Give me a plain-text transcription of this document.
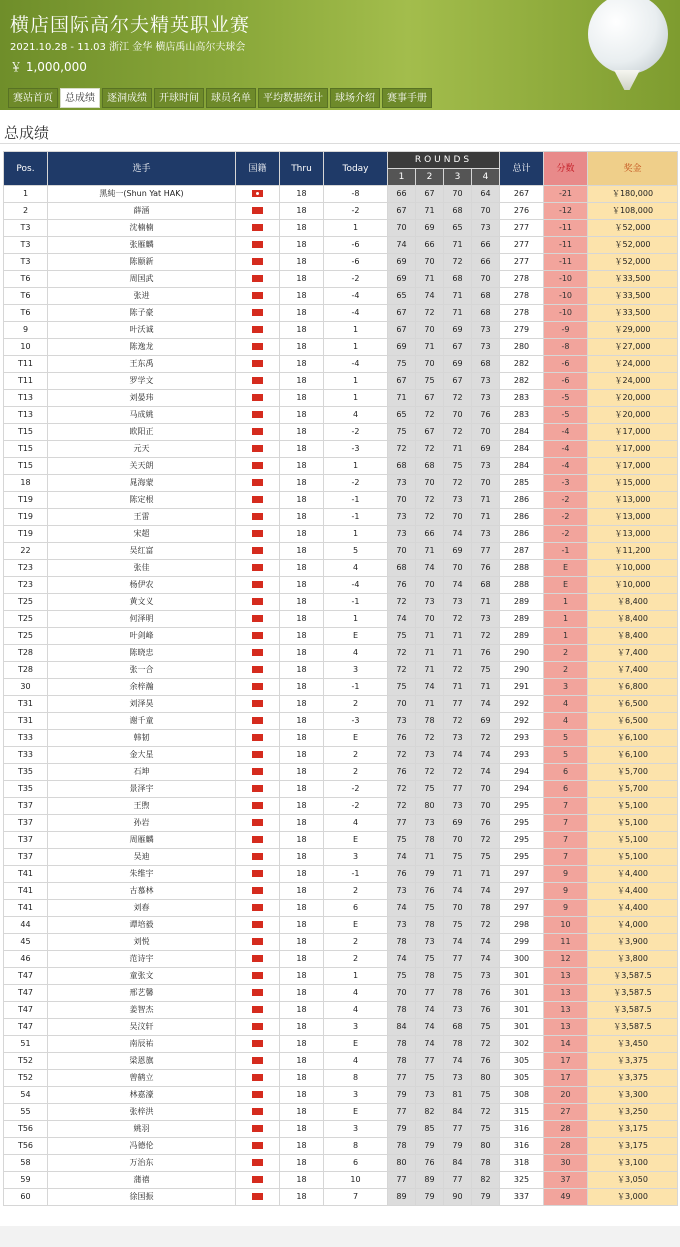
横店国际高尔夫精英职业赛
2021.10.28 - 11.03 浙江 金华 横店禹山高尔夫球会
￥ 1,000,000
赛站首页	总成绩	逐洞成绩	开球时间	球员名单	平均数据统计	球场介绍	赛事手册
总成绩
Pos.	选手	国籍	Thru	Today	ROUNDS				总计	分数	奖金
					1	2	3	4			
1	黑純一(Shun Yat HAK)		18	-8	66	67	70	64	267	-21	￥180,000
2	薛涵		18	-2	67	71	68	70	276	-12	￥108,000
T3	沈楠楠		18	1	70	69	65	73	277	-11	￥52,000
T3	张雁麟		18	-6	74	66	71	66	277	-11	￥52,000
T3	陈颐新		18	-6	69	70	72	66	277	-11	￥52,000
T6	周国武		18	-2	69	71	68	70	278	-10	￥33,500
T6	张进		18	-4	65	74	71	68	278	-10	￥33,500
T6	陈子豪		18	-4	67	72	71	68	278	-10	￥33,500
9	叶沃诚		18	1	67	70	69	73	279	-9	￥29,000
10	陈逸龙		18	1	69	71	67	73	280	-8	￥27,000
T11	王东禹		18	-4	75	70	69	68	282	-6	￥24,000
T11	罗学文		18	1	67	75	67	73	282	-6	￥24,000
T13	刘晏玮		18	1	71	67	72	73	283	-5	￥20,000
T13	马成姚		18	4	65	72	70	76	283	-5	￥20,000
T15	欧阳正		18	-2	75	67	72	70	284	-4	￥17,000
T15	元天		18	-3	72	72	71	69	284	-4	￥17,000
T15	关天朗		18	1	68	68	75	73	284	-4	￥17,000
18	晁海蒙		18	-2	73	70	72	70	285	-3	￥15,000
T19	陈定根		18	-1	70	72	73	71	286	-2	￥13,000
T19	王雷		18	-1	73	72	70	71	286	-2	￥13,000
T19	宋超		18	1	73	66	74	73	286	-2	￥13,000
22	吴红富		18	5	70	71	69	77	287	-1	￥11,200
T23	张佳		18	4	68	74	70	76	288	E	￥10,000
T23	杨伊农		18	-4	76	70	74	68	288	E	￥10,000
T25	黄文义		18	-1	72	73	73	71	289	1	￥8,400
T25	何泽明		18	1	74	70	72	73	289	1	￥8,400
T25	叶剑峰		18	E	75	71	71	72	289	1	￥8,400
T28	陈晓忠		18	4	72	71	71	76	290	2	￥7,400
T28	张一合		18	3	72	71	72	75	290	2	￥7,400
30	余梓瀚		18	-1	75	74	71	71	291	3	￥6,800
T31	刘泽昊		18	2	70	71	77	74	292	4	￥6,500
T31	谢千童		18	-3	73	78	72	69	292	4	￥6,500
T33	韩韧		18	E	76	72	73	72	293	5	￥6,100
T33	金大星		18	2	72	73	74	74	293	5	￥6,100
T35	石坤		18	2	76	72	72	74	294	6	￥5,700
T35	景泽宇		18	-2	72	75	77	70	294	6	￥5,700
T37	王煦		18	-2	72	80	73	70	295	7	￥5,100
T37	孙岩		18	4	77	73	69	76	295	7	￥5,100
T37	周雁麟		18	E	75	78	70	72	295	7	￥5,100
T37	吴迪		18	3	74	71	75	75	295	7	￥5,100
T41	朱维宇		18	-1	76	79	71	71	297	9	￥4,400
T41	古慕林		18	2	73	76	74	74	297	9	￥4,400
T41	刘春		18	6	74	75	70	78	297	9	￥4,400
44	谭培毅		18	E	73	78	75	72	298	10	￥4,000
45	刘悦		18	2	78	73	74	74	299	11	￥3,900
46	范诗宇		18	2	74	75	77	74	300	12	￥3,800
T47	童张文		18	1	75	78	75	73	301	13	￥3,587.5
T47	邢艺馨		18	4	70	77	78	76	301	13	￥3,587.5
T47	姜智杰		18	4	78	74	73	76	301	13	￥3,587.5
T47	吴汶轩		18	3	84	74	68	75	301	13	￥3,587.5
51	南辰祐		18	E	78	74	78	72	302	14	￥3,450
T52	梁恩旗		18	4	78	77	74	76	305	17	￥3,375
T52	曾鹤立		18	8	77	75	73	80	305	17	￥3,375
54	林嘉濠		18	3	79	73	81	75	308	20	￥3,300
55	张梓洪		18	E	77	82	84	72	315	27	￥3,250
T56	姚羽		18	3	79	85	77	75	316	28	￥3,175
T56	冯德伦		18	8	78	79	79	80	316	28	￥3,175
58	万治东		18	6	80	76	84	78	318	30	￥3,100
59	蒲禧		18	10	77	89	77	82	325	37	￥3,050
60	徐国振		18	7	89	79	90	79	337	49	￥3,000
